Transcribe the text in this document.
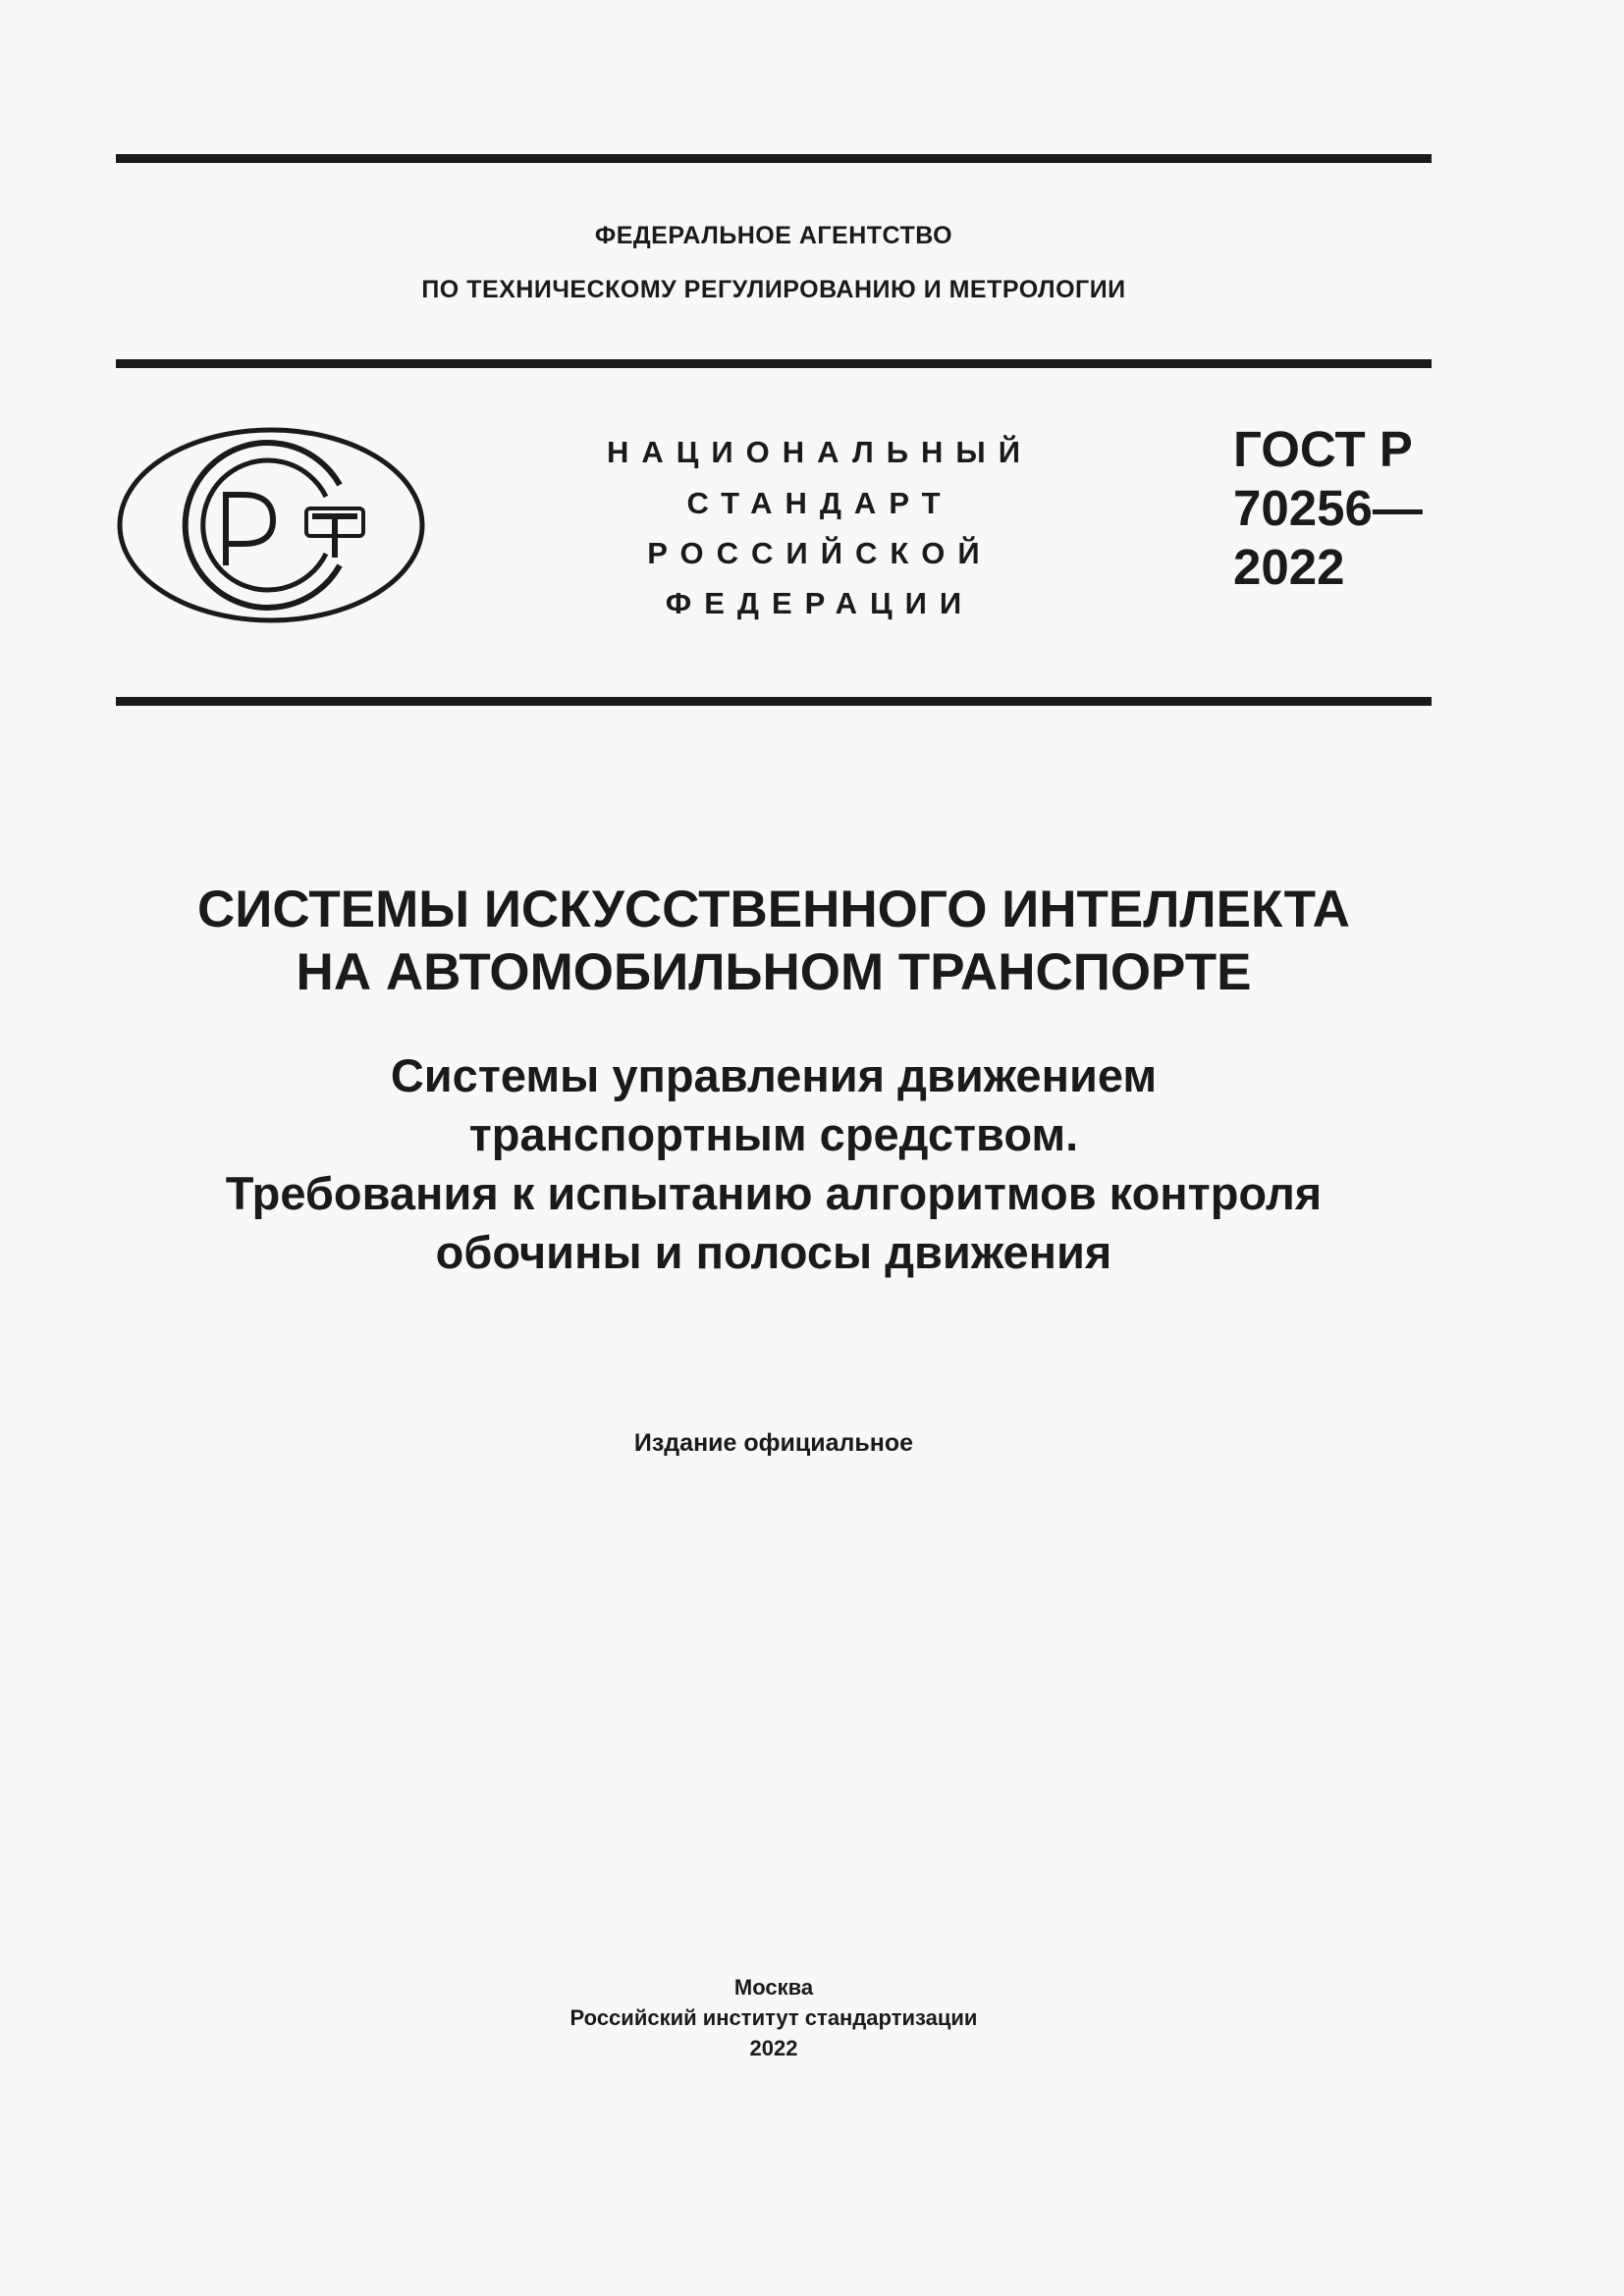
ФЕДЕРАЛЬНОЕ АГЕНТСТВО
ПО ТЕХНИЧЕСКОМУ РЕГУЛИРОВАНИЮ И МЕТРОЛОГИИ
НАЦИОНАЛЬНЫЙ
СТАНДАРТ
РОССИЙСКОЙ
ФЕДЕРАЦИИ
ГОСТ Р
70256—
2022
СИСТЕМЫ ИСКУССТВЕННОГО ИНТЕЛЛЕКТА
НА АВТОМОБИЛЬНОМ ТРАНСПОРТЕ
Системы управления движением
транспортным средством.
Требования к испытанию алгоритмов контроля
обочины и полосы движения
Издание официальное
Москва
Российский институт стандартизации
2022
